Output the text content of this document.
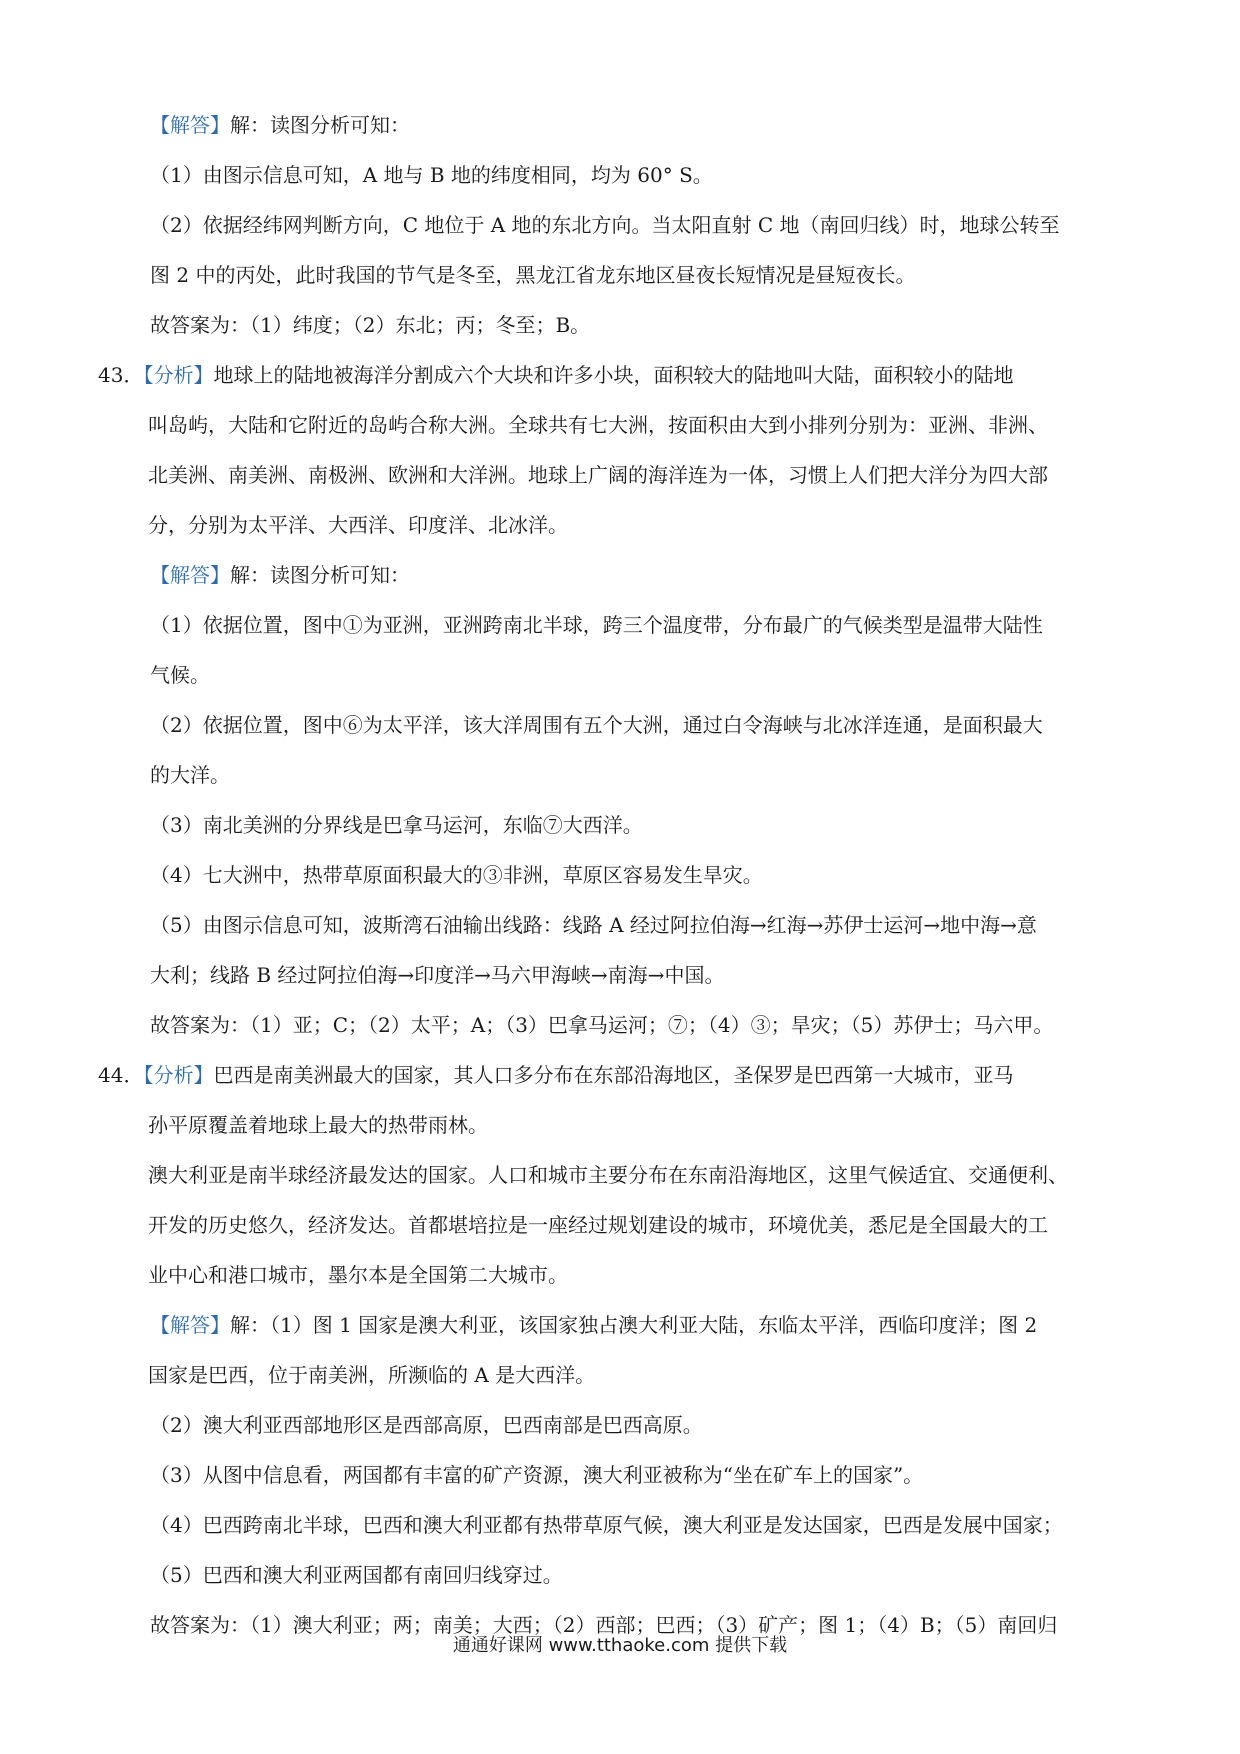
【解答】解：读图分析可知：
（1）由图示信息可知，A 地与 B 地的纬度相同，均为 60° S。
（2）依据经纬网判断方向，C 地位于 A 地的东北方向。当太阳直射 C 地（南回归线）时，地球公转至
图 2 中的丙处，此时我国的节气是冬至，黑龙江省龙东地区昼夜长短情况是昼短夜长。
故答案为：（1）纬度；（2）东北；丙；冬至；B。
43．【分析】地球上的陆地被海洋分割成六个大块和许多小块，面积较大的陆地叫大陆，面积较小的陆地
叫岛屿，大陆和它附近的岛屿合称大洲。全球共有七大洲，按面积由大到小排列分别为：亚洲、非洲、
北美洲、南美洲、南极洲、欧洲和大洋洲。地球上广阔的海洋连为一体，习惯上人们把大洋分为四大部
分，分别为太平洋、大西洋、印度洋、北冰洋。
【解答】解：读图分析可知：
（1）依据位置，图中①为亚洲，亚洲跨南北半球，跨三个温度带，分布最广的气候类型是温带大陆性
气候。
（2）依据位置，图中⑥为太平洋，该大洋周围有五个大洲，通过白令海峡与北冰洋连通，是面积最大
的大洋。
（3）南北美洲的分界线是巴拿马运河，东临⑦大西洋。
（4）七大洲中，热带草原面积最大的③非洲，草原区容易发生旱灾。
（5）由图示信息可知，波斯湾石油输出线路：线路 A 经过阿拉伯海→红海→苏伊士运河→地中海→意
大利；线路 B 经过阿拉伯海→印度洋→马六甲海峡→南海→中国。
故答案为：（1）亚；C；（2）太平；A；（3）巴拿马运河；⑦；（4）③；旱灾；（5）苏伊士；马六甲。
44．【分析】巴西是南美洲最大的国家，其人口多分布在东部沿海地区，圣保罗是巴西第一大城市，亚马
孙平原覆盖着地球上最大的热带雨林。
澳大利亚是南半球经济最发达的国家。人口和城市主要分布在东南沿海地区，这里气候适宜、交通便利、
开发的历史悠久，经济发达。首都堪培拉是一座经过规划建设的城市，环境优美，悉尼是全国最大的工
业中心和港口城市，墨尔本是全国第二大城市。
【解答】解：（1）图 1 国家是澳大利亚，该国家独占澳大利亚大陆，东临太平洋，西临印度洋；图 2
国家是巴西，位于南美洲，所濒临的 A 是大西洋。
（2）澳大利亚西部地形区是西部高原，巴西南部是巴西高原。
（3）从图中信息看，两国都有丰富的矿产资源，澳大利亚被称为“坐在矿车上的国家”。
（4）巴西跨南北半球，巴西和澳大利亚都有热带草原气候，澳大利亚是发达国家，巴西是发展中国家；
（5）巴西和澳大利亚两国都有南回归线穿过。
故答案为：（1）澳大利亚；两；南美；大西；（2）西部；巴西；（3）矿产；图 1；（4）B；（5）南回归
通通好课网 www.tthaoke.com 提供下载
